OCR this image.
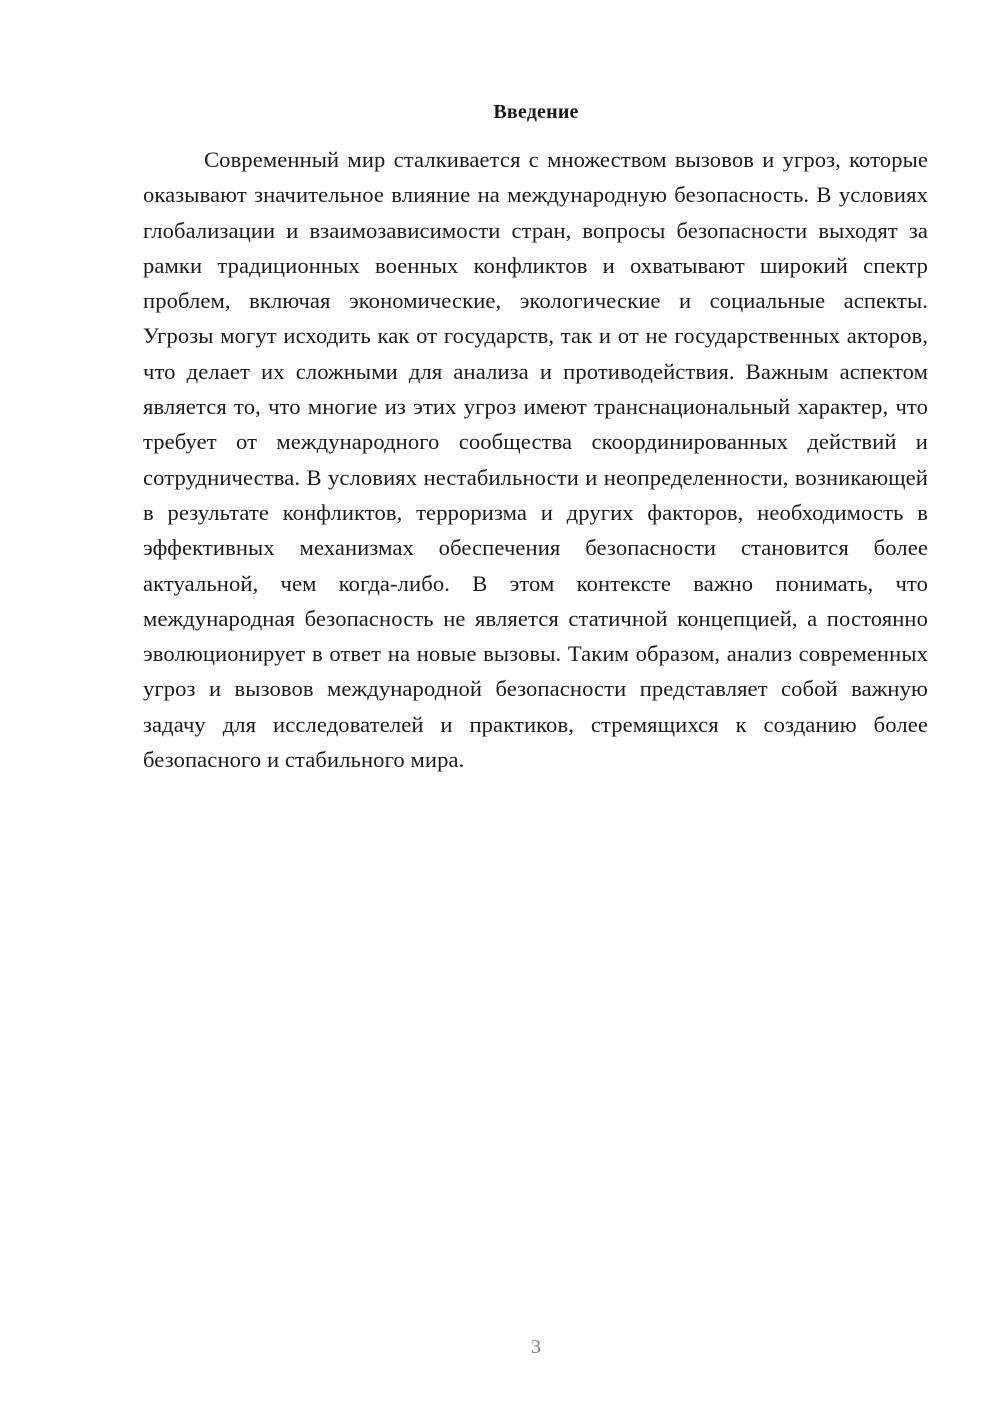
Введение

Современный мир сталкивается с множеством вызовов и угроз, которые оказывают значительное влияние на международную безопасность. В условиях глобализации и взаимозависимости стран, вопросы безопасности выходят за рамки традиционных военных конфликтов и охватывают широкий спектр проблем, включая экономические, экологические и социальные аспекты. Угрозы могут исходить как от государств, так и от не государственных акторов, что делает их сложными для анализа и противодействия. Важным аспектом является то, что многие из этих угроз имеют транснациональный характер, что требует от международного сообщества скоординированных действий и сотрудничества. В условиях нестабильности и неопределенности, возникающей в результате конфликтов, терроризма и других факторов, необходимость в эффективных механизмах обеспечения безопасности становится более актуальной, чем когда-либо. В этом контексте важно понимать, что международная безопасность не является статичной концепцией, а постоянно эволюционирует в ответ на новые вызовы. Таким образом, анализ современных угроз и вызовов международной безопасности представляет собой важную задачу для исследователей и практиков, стремящихся к созданию более безопасного и стабильного мира.

3
